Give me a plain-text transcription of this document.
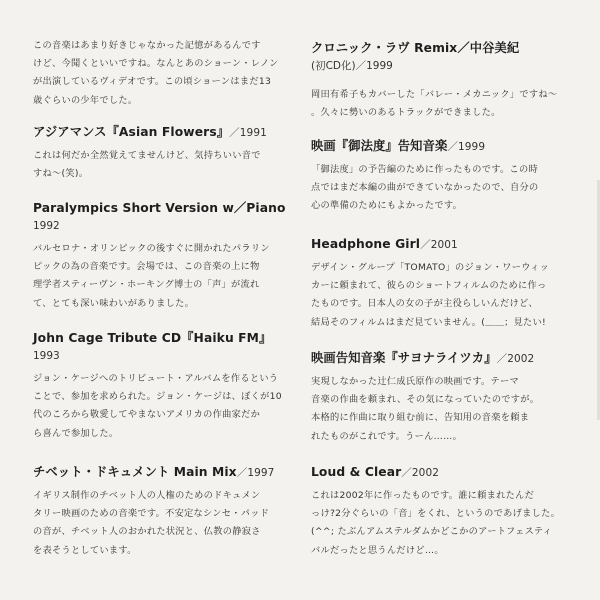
この音楽はあまり好きじゃなかった記憶があるんです
けど、今聞くといいですね。なんとあのショーン・レノン
が出演しているヴィデオです。この頃ショーンはまだ13
歳ぐらいの少年でした。
アジアマンス『Asian Flowers』／1991
これは何だか全然覚えてませんけど、気持ちいい音で
すね〜(笑)。
Paralympics Short Version w／Piano
1992
バルセロナ・オリンピックの後すぐに開かれたパラリン
ピックの為の音楽です。会場では、この音楽の上に物
理学者スティーヴン・ホーキング博士の「声」が流れ
て、とても深い味わいがありました。
John Cage Tribute CD『Haiku FM』
1993
ジョン・ケージへのトリビュート・アルバムを作るという
ことで、参加を求められた。ジョン・ケージは、ぼくが10
代のころから敬愛してやまないアメリカの作曲家だか
ら喜んで参加した。
チベット・ドキュメント Main Mix／1997
イギリス制作のチベット人の人権のためのドキュメン
タリー映画のための音楽です。不安定なシンセ・パッド
の音が、チベット人のおかれた状況と、仏教の静寂さ
を表そうとしています。
クロニック・ラヴ Remix／中谷美紀
(初CD化)／1999
岡田有希子もカバーした「バレー・メカニック」ですね〜
。久々に勢いのあるトラックができました。
映画『御法度』告知音楽／1999
「御法度」の予告編のために作ったものです。この時
点ではまだ本編の曲ができていなかったので、自分の
心の準備のためにもよかったです。
Headphone Girl／2001
デザイン・グループ「TOMATO」のジョン・ワーウィッ
カーに頼まれて、彼らのショートフィルムのために作っ
たものです。日本人の女の子が主役らしいんだけど、
結局そのフィルムはまだ見ていません。(＿＿；見たい!
映画告知音楽『サヨナライツカ』／2002
実現しなかった辻仁成氏原作の映画です。テーマ
音楽の作曲を頼まれ、その気になっていたのですが。
本格的に作曲に取り組む前に、告知用の音楽を頼ま
れたものがこれです。うーん……。
Loud & Clear／2002
これは2002年に作ったものです。誰に頼まれたんだ
っけ?2分ぐらいの「音」をくれ、というのであげました。
(^^; たぶんアムステルダムかどこかのアートフェスティ
バルだったと思うんだけど…。
